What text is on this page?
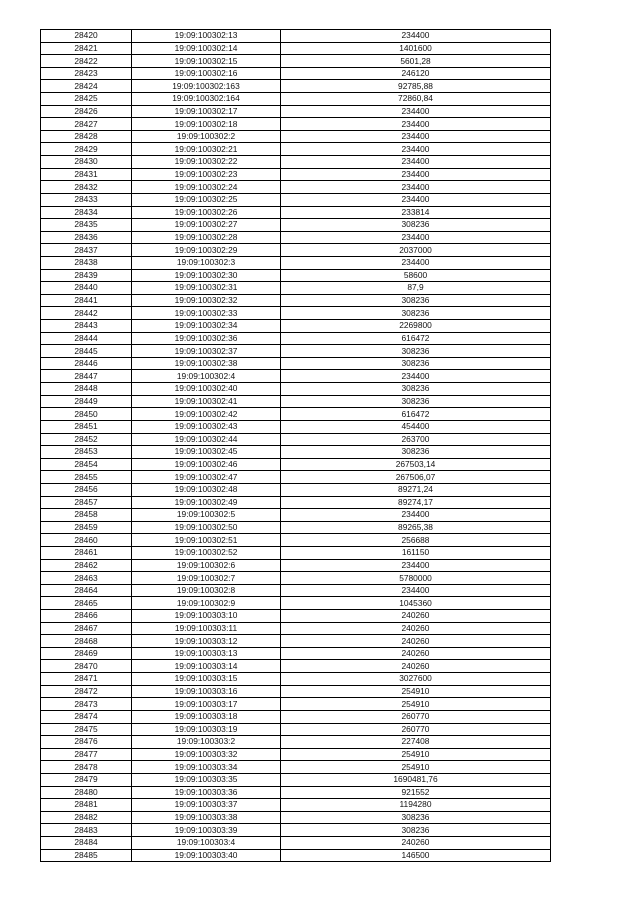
28420	19:09:100302:13	234400
28421	19:09:100302:14	1401600
28422	19:09:100302:15	5601,28
28423	19:09:100302:16	246120
28424	19:09:100302:163	92785,88
28425	19:09:100302:164	72860,84
28426	19:09:100302:17	234400
28427	19:09:100302:18	234400
28428	19:09:100302:2	234400
28429	19:09:100302:21	234400
28430	19:09:100302:22	234400
28431	19:09:100302:23	234400
28432	19:09:100302:24	234400
28433	19:09:100302:25	234400
28434	19:09:100302:26	233814
28435	19:09:100302:27	308236
28436	19:09:100302:28	234400
28437	19:09:100302:29	2037000
28438	19:09:100302:3	234400
28439	19:09:100302:30	58600
28440	19:09:100302:31	87,9
28441	19:09:100302:32	308236
28442	19:09:100302:33	308236
28443	19:09:100302:34	2269800
28444	19:09:100302:36	616472
28445	19:09:100302:37	308236
28446	19:09:100302:38	308236
28447	19:09:100302:4	234400
28448	19:09:100302:40	308236
28449	19:09:100302:41	308236
28450	19:09:100302:42	616472
28451	19:09:100302:43	454400
28452	19:09:100302:44	263700
28453	19:09:100302:45	308236
28454	19:09:100302:46	267503,14
28455	19:09:100302:47	267506,07
28456	19:09:100302:48	89271,24
28457	19:09:100302:49	89274,17
28458	19:09:100302:5	234400
28459	19:09:100302:50	89265,38
28460	19:09:100302:51	256688
28461	19:09:100302:52	161150
28462	19:09:100302:6	234400
28463	19:09:100302:7	5780000
28464	19:09:100302:8	234400
28465	19:09:100302:9	1045360
28466	19:09:100303:10	240260
28467	19:09:100303:11	240260
28468	19:09:100303:12	240260
28469	19:09:100303:13	240260
28470	19:09:100303:14	240260
28471	19:09:100303:15	3027600
28472	19:09:100303:16	254910
28473	19:09:100303:17	254910
28474	19:09:100303:18	260770
28475	19:09:100303:19	260770
28476	19:09:100303:2	227408
28477	19:09:100303:32	254910
28478	19:09:100303:34	254910
28479	19:09:100303:35	1690481,76
28480	19:09:100303:36	921552
28481	19:09:100303:37	1194280
28482	19:09:100303:38	308236
28483	19:09:100303:39	308236
28484	19:09:100303:4	240260
28485	19:09:100303:40	146500
